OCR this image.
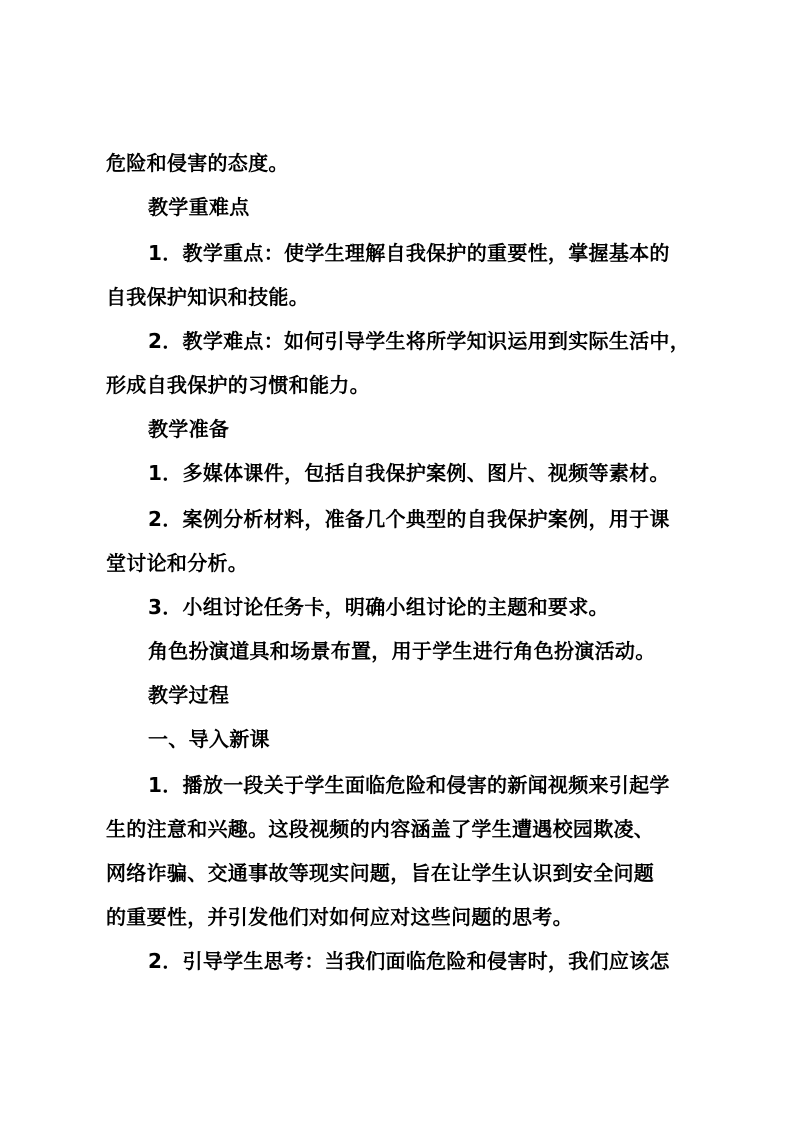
危险和侵害的态度。
教学重难点
1．教学重点：使学生理解自我保护的重要性，掌握基本的
自我保护知识和技能。
2．教学难点：如何引导学生将所学知识运用到实际生活中，
形成自我保护的习惯和能力。
教学准备
1．多媒体课件，包括自我保护案例、图片、视频等素材。
2．案例分析材料，准备几个典型的自我保护案例，用于课
堂讨论和分析。
3．小组讨论任务卡，明确小组讨论的主题和要求。
角色扮演道具和场景布置，用于学生进行角色扮演活动。
教学过程
一、导入新课
1．播放一段关于学生面临危险和侵害的新闻视频来引起学
生的注意和兴趣。这段视频的内容涵盖了学生遭遇校园欺凌、
网络诈骗、交通事故等现实问题，旨在让学生认识到安全问题
的重要性，并引发他们对如何应对这些问题的思考。
2．引导学生思考：当我们面临危险和侵害时，我们应该怎
